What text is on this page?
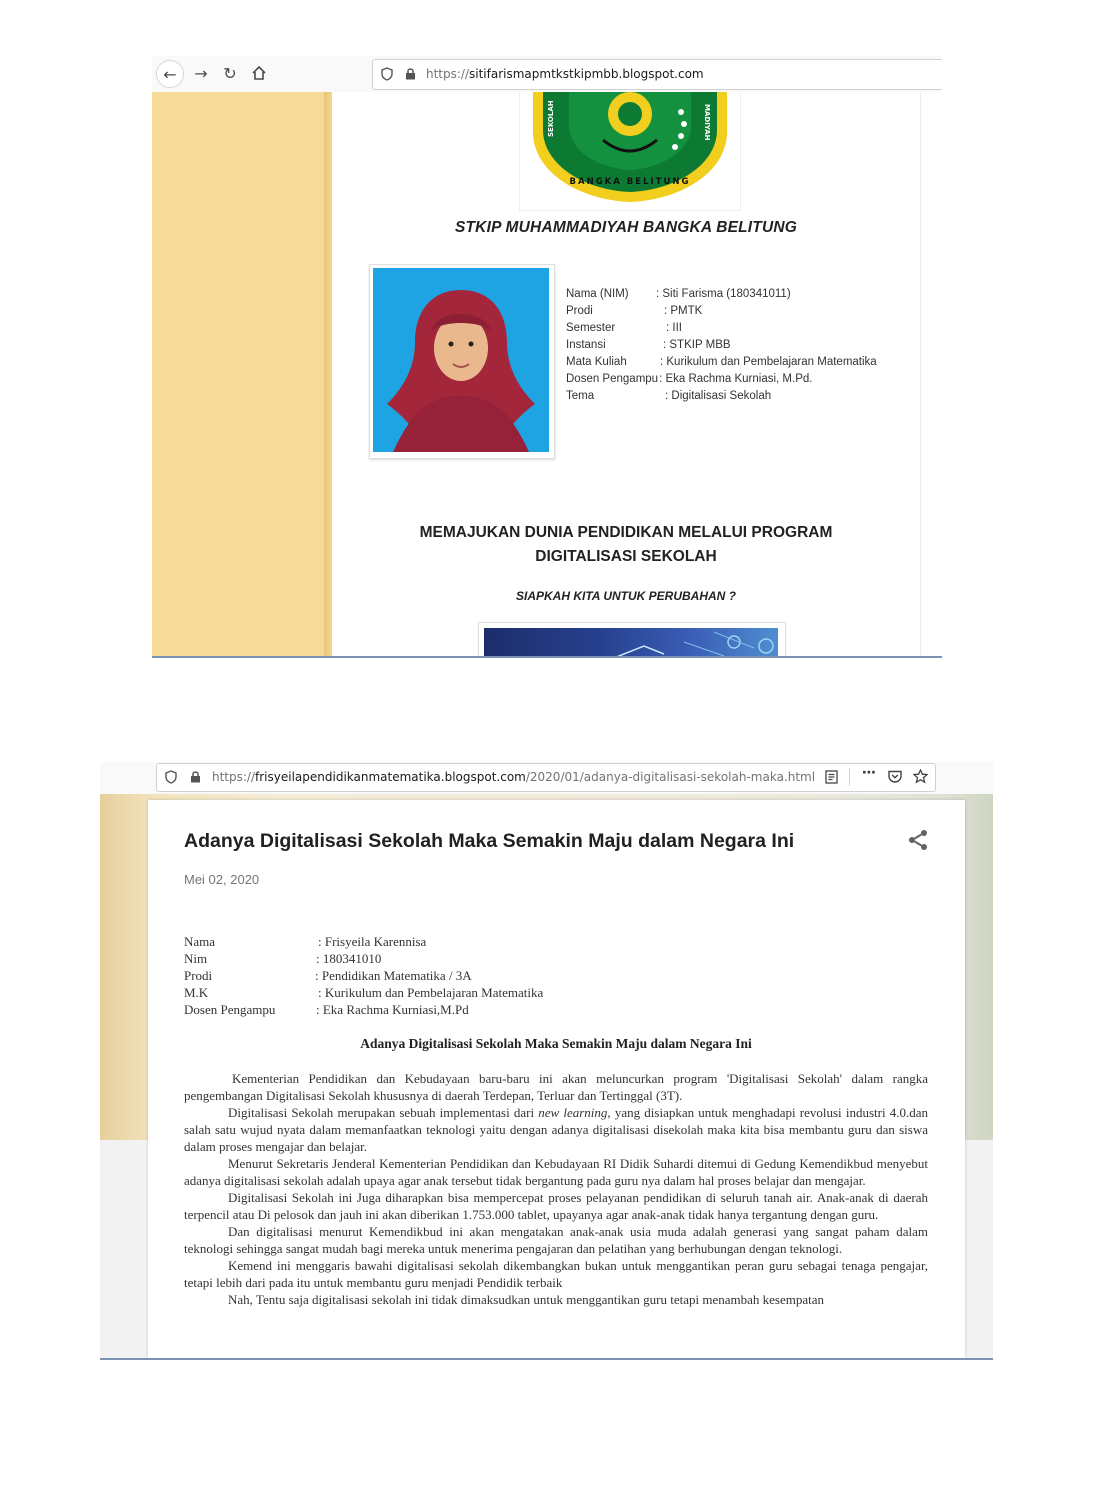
← → ↻	https://sitifarismapmtkstkipmbb.blogspot.com
SEKOLAH	MADIYAH
BANGKA BELITUNG
STKIP MUHAMMADIYAH BANGKA BELITUNG
Nama (NIM) : Siti Farisma (180341011)
Prodi	: PMTK
Semester	: III
Instansi	: STKIP MBB
Mata Kuliah	: Kurikulum dan Pembelajaran Matematika
Dosen Pengampu: Eka Rachma Kurniasi, M.Pd.
Tema	: Digitalisasi Sekolah
MEMAJUKAN DUNIA PENDIDIKAN MELALUI PROGRAM
DIGITALISASI SEKOLAH
SIAPKAH KITA UNTUK PERUBAHAN ?
https://frisyeilapendidikanmatematika.blogspot.com/2020/01/adanya-digitalisasi-sekolah-maka.html	⋯
Adanya Digitalisasi Sekolah Maka Semakin Maju dalam Negara Ini
Mei 02, 2020
Nama	: Frisyeila Karennisa
Nim	: 180341010
Prodi	: Pendidikan Matematika / 3A
M.K	: Kurikulum dan Pembelajaran Matematika
Dosen Pengampu	: Eka Rachma Kurniasi,M.Pd
Adanya Digitalisasi Sekolah Maka Semakin Maju dalam Negara Ini

Kementerian Pendidikan dan Kebudayaan baru-baru ini akan meluncurkan program 'Digitalisasi Sekolah' dalam rangka pengembangan Digitalisasi Sekolah khususnya di daerah Terdepan, Terluar dan Tertinggal (3T).

Digitalisasi Sekolah merupakan sebuah implementasi dari new learning, yang disiapkan untuk menghadapi revolusi industri 4.0.dan salah satu wujud nyata dalam memanfaatkan teknologi yaitu dengan adanya digitalisasi disekolah maka kita bisa membantu guru dan siswa dalam proses mengajar dan belajar.

Menurut Sekretaris Jenderal Kementerian Pendidikan dan Kebudayaan RI Didik Suhardi ditemui di Gedung Kemendikbud menyebut adanya digitalisasi sekolah adalah upaya agar anak tersebut tidak bergantung pada guru nya dalam hal proses belajar dan mengajar.

Digitalisasi Sekolah ini Juga diharapkan bisa mempercepat proses pelayanan pendidikan di seluruh tanah air. Anak-anak di daerah terpencil atau Di pelosok dan jauh ini akan diberikan 1.753.000 tablet, upayanya agar anak-anak tidak hanya tergantung dengan guru.

Dan digitalisasi menurut Kemendikbud ini akan mengatakan anak-anak usia muda adalah generasi yang sangat paham dalam teknologi sehingga sangat mudah bagi mereka untuk menerima pengajaran dan pelatihan yang berhubungan dengan teknologi.

Kemend ini menggaris bawahi digitalisasi sekolah dikembangkan bukan untuk menggantikan peran guru sebagai tenaga pengajar, tetapi lebih dari pada itu untuk membantu guru menjadi Pendidik terbaik

Nah, Tentu saja digitalisasi sekolah ini tidak dimaksudkan untuk menggantikan guru tetapi menambah kesempatan
